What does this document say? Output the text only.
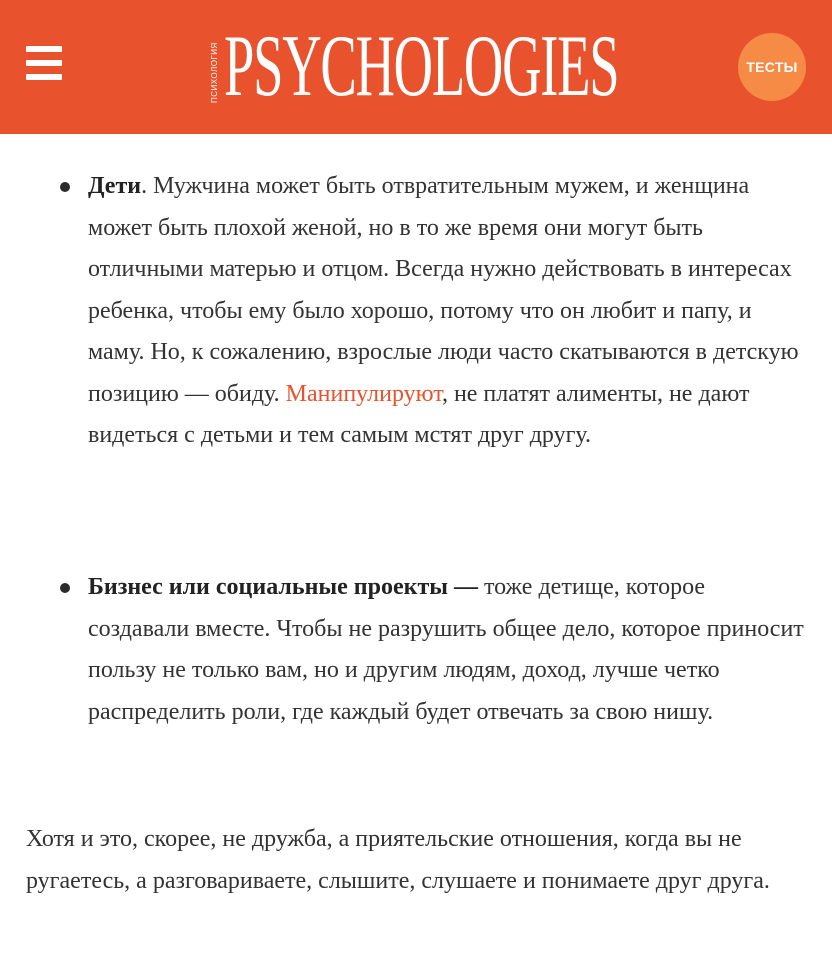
ПСИХОЛОГИЯ PSYCHOLOGIES	ТЕСТЫ
Дети. Мужчина может быть отвратительным мужем, и женщина может быть плохой женой, но в то же время они могут быть отличными матерью и отцом. Всегда нужно действовать в интересах ребенка, чтобы ему было хорошо, потому что он любит и папу, и маму. Но, к сожалению, взрослые люди часто скатываются в детскую позицию — обиду. Манипулируют, не платят алименты, не дают видеться с детьми и тем самым мстят друг другу.
Бизнес или социальные проекты — тоже детище, которое создавали вместе. Чтобы не разрушить общее дело, которое приносит пользу не только вам, но и другим людям, доход, лучше четко распределить роли, где каждый будет отвечать за свою нишу.

Хотя и это, скорее, не дружба, а приятельские отношения, когда вы не ругаетесь, а разговариваете, слышите, слушаете и понимаете друг друга.
